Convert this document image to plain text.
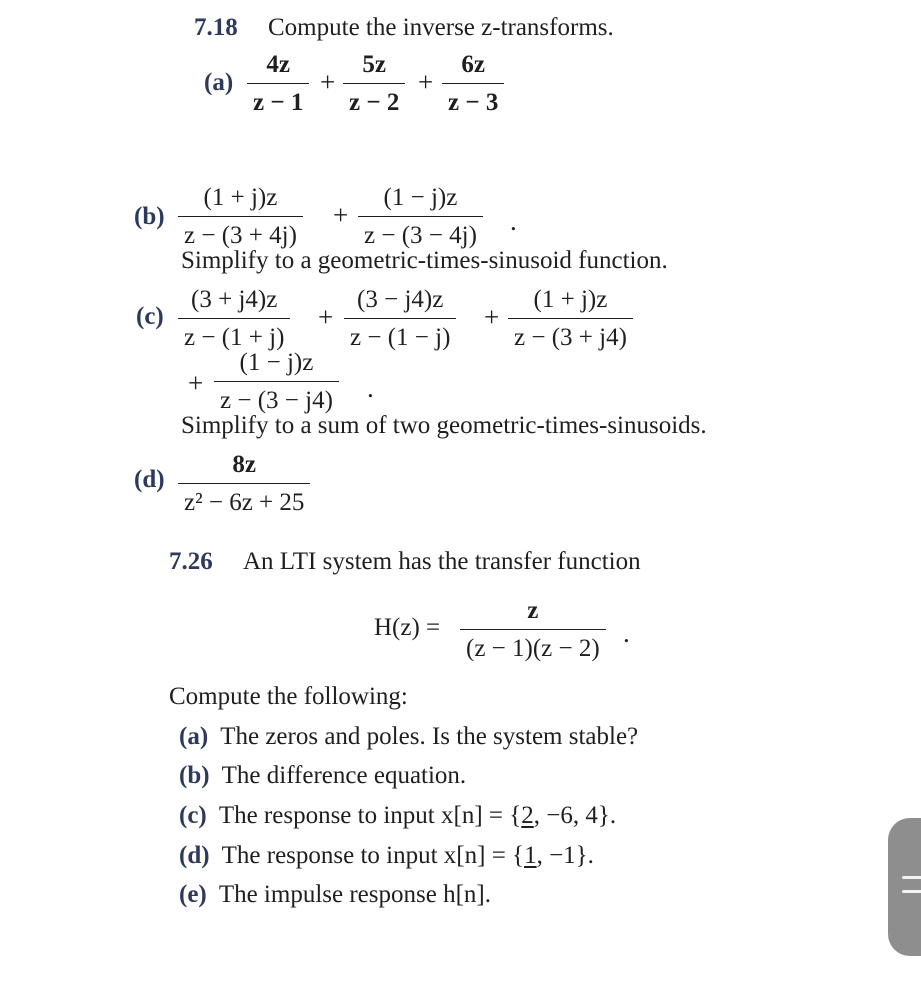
7.18 Compute the inverse z-transforms.
(a)
4z
z − 1
+
5z
z − 2
+
6z
z − 3
(b)
(1 + j)z
z − (3 + 4j)
+
(1 − j)z
z − (3 − 4j) .
Simplify to a geometric-times-sinusoid function.
(c)
(3 + j4)z
z − (1 + j)
+
(3 − j4)z
z − (1 − j)
+
(1 + j)z
z − (3 + j4)
+
(1 − j)z
z − (3 − j4) .
Simplify to a sum of two geometric-times-sinusoids.
(d)
8z
z² − 6z + 25
7.26 An LTI system has the transfer function
H(z) =
z
(z − 1)(z − 2)
.
Compute the following:
(a) The zeros and poles. Is the system stable?
(b) The difference equation.
(c) The response to input x[n] = {2, −6, 4}.
(d) The response to input x[n] = {1, −1}.
(e) The impulse response h[n].
